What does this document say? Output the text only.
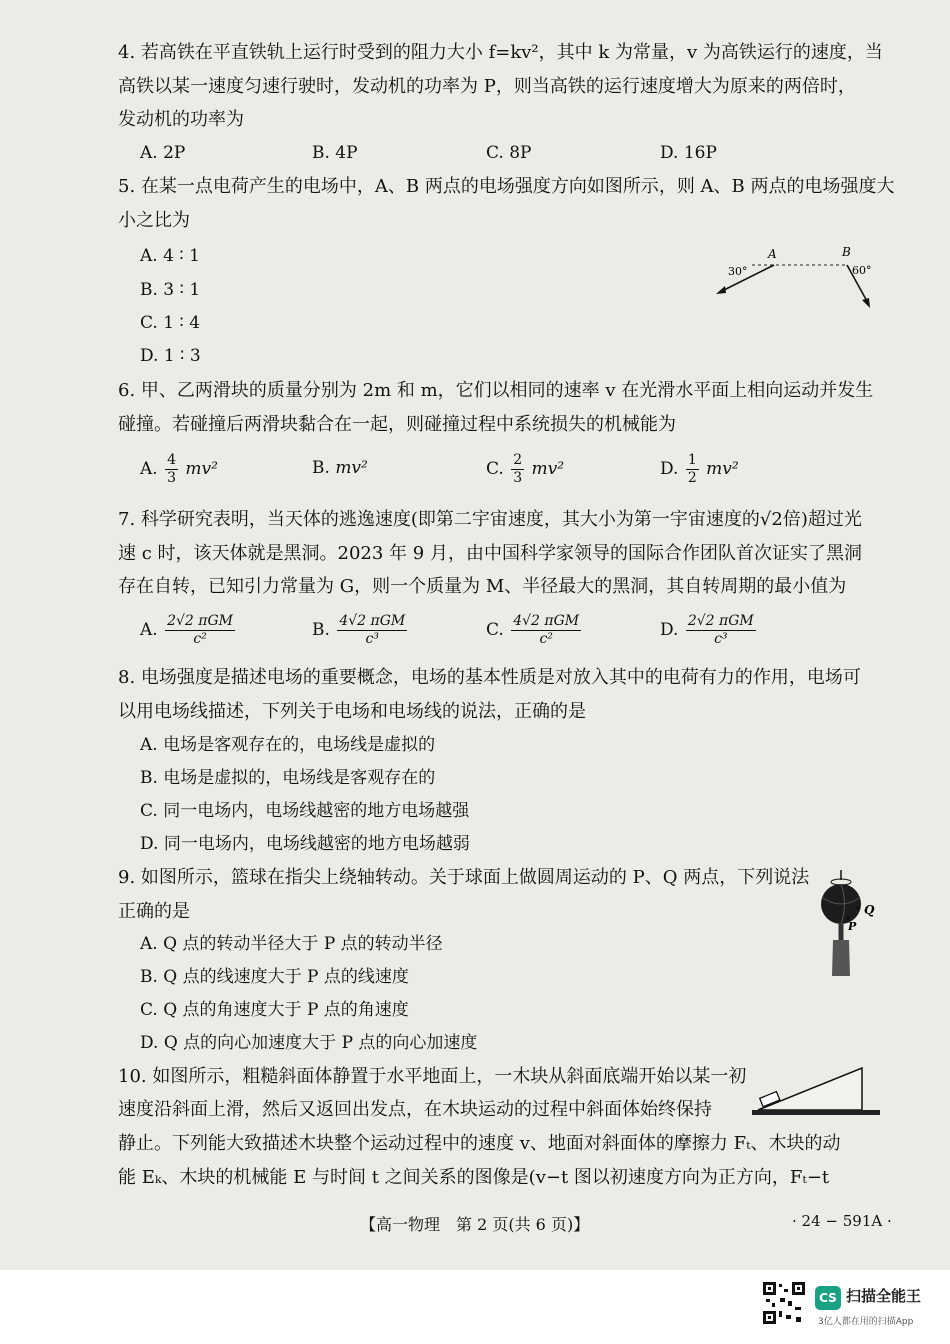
4. 若高铁在平直铁轨上运行时受到的阻力大小 f=kv²，其中 k 为常量，v 为高铁运行的速度，当
高铁以某一速度匀速行驶时，发动机的功率为 P，则当高铁的运行速度增大为原来的两倍时，
发动机的功率为
A. 2P	B. 4P	C. 8P	D. 16P
5. 在某一点电荷产生的电场中，A、B 两点的电场强度方向如图所示，则 A、B 两点的电场强度大
小之比为
A. 4 ∶ 1
B. 3 ∶ 1
C. 1 ∶ 4
D. 1 ∶ 3
A	B
30°	60°
6. 甲、乙两滑块的质量分别为 2m 和 m，它们以相同的速率 v 在光滑水平面上相向运动并发生
碰撞。若碰撞后两滑块黏合在一起，则碰撞过程中系统损失的机械能为
A. $\frac{4}{3} mv^2$	B. mv²	C. $\frac{2}{3} mv^2$	D. $\frac{1}{2} mv^2$
7. 科学研究表明，当天体的逃逸速度(即第二宇宙速度，其大小为第一宇宙速度的√2倍)超过光
速 c 时，该天体就是黑洞。2023 年 9 月，由中国科学家领导的国际合作团队首次证实了黑洞
存在自转，已知引力常量为 G，则一个质量为 M、半径最大的黑洞，其自转周期的最小值为
A. $\frac{\text{2√2 πGM}}{\text{c²}}$	B. $\frac{\text{4√2 πGM}}{\text{c³}}$	C. $\frac{\text{4√2 πGM}}{\text{c²}}$	D. $\frac{\text{2√2 πGM}}{\text{c³}}$
8. 电场强度是描述电场的重要概念，电场的基本性质是对放入其中的电荷有力的作用，电场可
以用电场线描述，下列关于电场和电场线的说法，正确的是
A. 电场是客观存在的，电场线是虚拟的
B. 电场是虚拟的，电场线是客观存在的
C. 同一电场内，电场线越密的地方电场越强
D. 同一电场内，电场线越密的地方电场越弱
9. 如图所示，篮球在指尖上绕轴转动。关于球面上做圆周运动的 P、Q 两点，下列说法
正确的是
A. Q 点的转动半径大于 P 点的转动半径
B. Q 点的线速度大于 P 点的线速度
C. Q 点的角速度大于 P 点的角速度
D. Q 点的向心加速度大于 P 点的向心加速度
Q
P
10. 如图所示，粗糙斜面体静置于水平地面上，一木块从斜面底端开始以某一初
速度沿斜面上滑，然后又返回出发点，在木块运动的过程中斜面体始终保持
静止。下列能大致描述木块整个运动过程中的速度 v、地面对斜面体的摩擦力 Fₜ、木块的动
能 Eₖ、木块的机械能 E 与时间 t 之间关系的图像是(v−t 图以初速度方向为正方向，Fₜ−t
【高一物理　第 2 页(共 6 页)】	· 24 − 591A ·
CS 扫描全能王
3亿人都在用的扫描App
